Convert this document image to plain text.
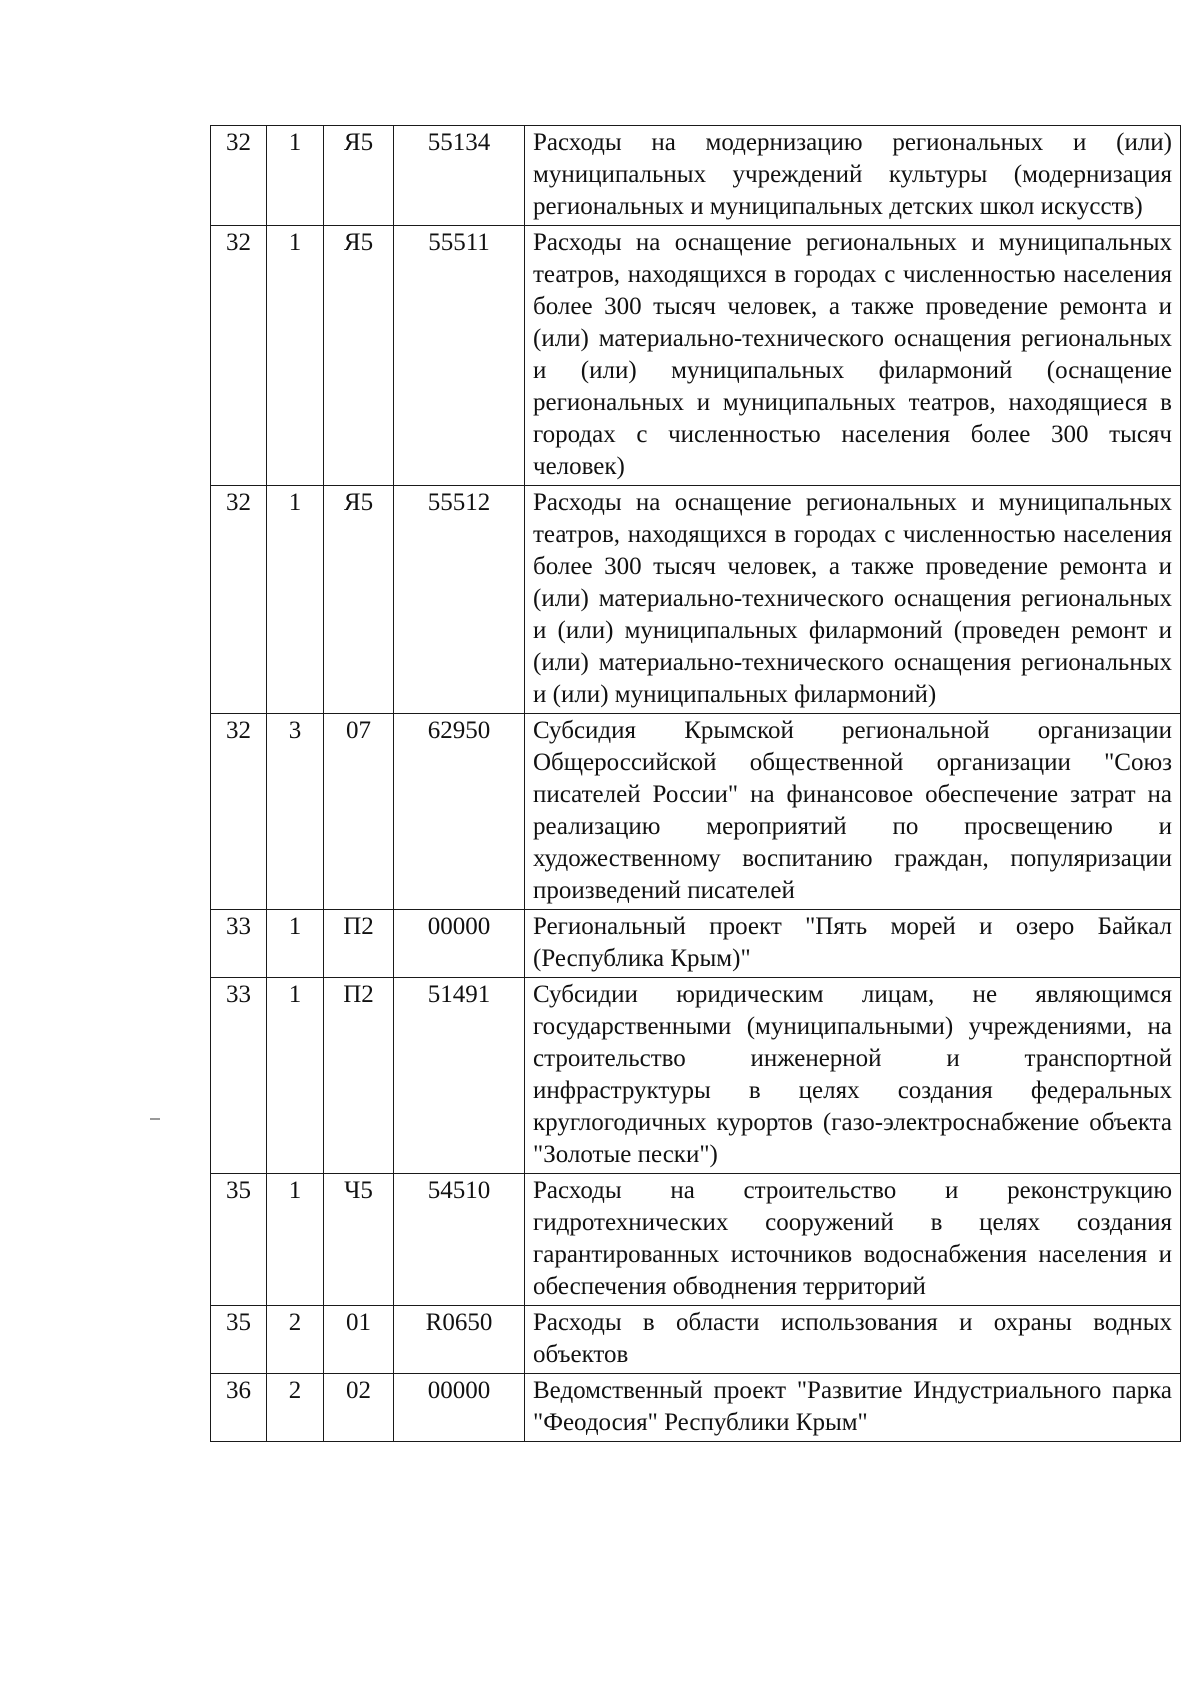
32	1	Я5	55134	Расходы на модернизацию региональных и (или) муниципальных учреждений культуры (модернизация региональных и муниципальных детских школ искусств)
32	1	Я5	55511	Расходы на оснащение региональных и муниципальных театров, находящихся в городах с численностью населения более 300 тысяч человек, а также проведение ремонта и (или) материально-технического оснащения региональных и (или) муниципальных филармоний (оснащение региональных и муниципальных театров, находящиеся в городах с численностью населения более 300 тысяч человек)
32	1	Я5	55512	Расходы на оснащение региональных и муниципальных театров, находящихся в городах с численностью населения более 300 тысяч человек, а также проведение ремонта и (или) материально-технического оснащения региональных и (или) муниципальных филармоний (проведен ремонт и (или) материально-технического оснащения региональных и (или) муниципальных филармоний)
32	3	07	62950	Субсидия Крымской региональной организации Общероссийской общественной организации "Союз писателей России" на финансовое обеспечение затрат на реализацию мероприятий по просвещению и художественному воспитанию граждан, популяризации произведений писателей
33	1	П2	00000	Региональный проект "Пять морей и озеро Байкал (Республика Крым)"
33	1	П2	51491	Субсидии юридическим лицам, не являющимся государственными (муниципальными) учреждениями, на строительство инженерной и транспортной инфраструктуры в целях создания федеральных круглогодичных курортов (газо-электроснабжение объекта "Золотые пески")
35	1	Ч5	54510	Расходы на строительство и реконструкцию гидротехнических сооружений в целях создания гарантированных источников водоснабжения населения и обеспечения обводнения территорий
35	2	01	R0650	Расходы в области использования и охраны водных объектов
36	2	02	00000	Ведомственный проект "Развитие Индустриального парка "Феодосия" Республики Крым"
